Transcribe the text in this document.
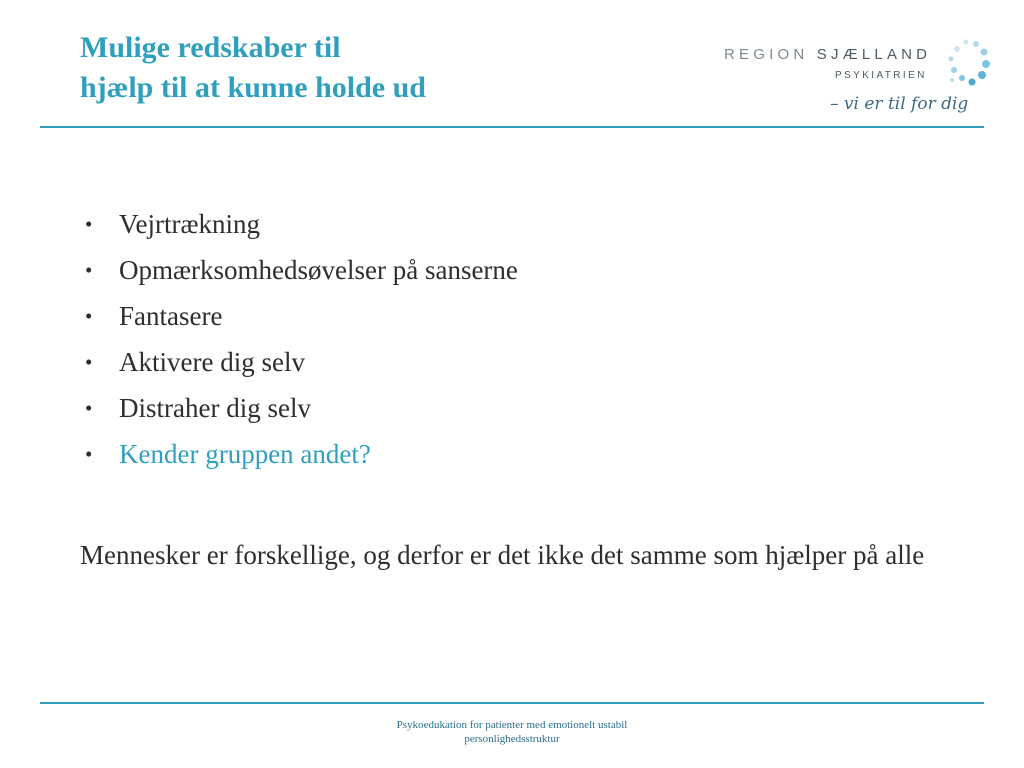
Mulige redskaber til
hjælp til at kunne holde ud
REGION SJÆLLAND
PSYKIATRIEN
– vi er til for dig
• Vejrtrækning
• Opmærksomhedsøvelser på sanserne
• Fantasere
• Aktivere dig selv
• Distraher dig selv
• Kender gruppen andet?

Mennesker er forskellige, og derfor er det ikke det samme som hjælper på alle

Psykoedukation for patienter med emotionelt ustabil
personlighedsstruktur
